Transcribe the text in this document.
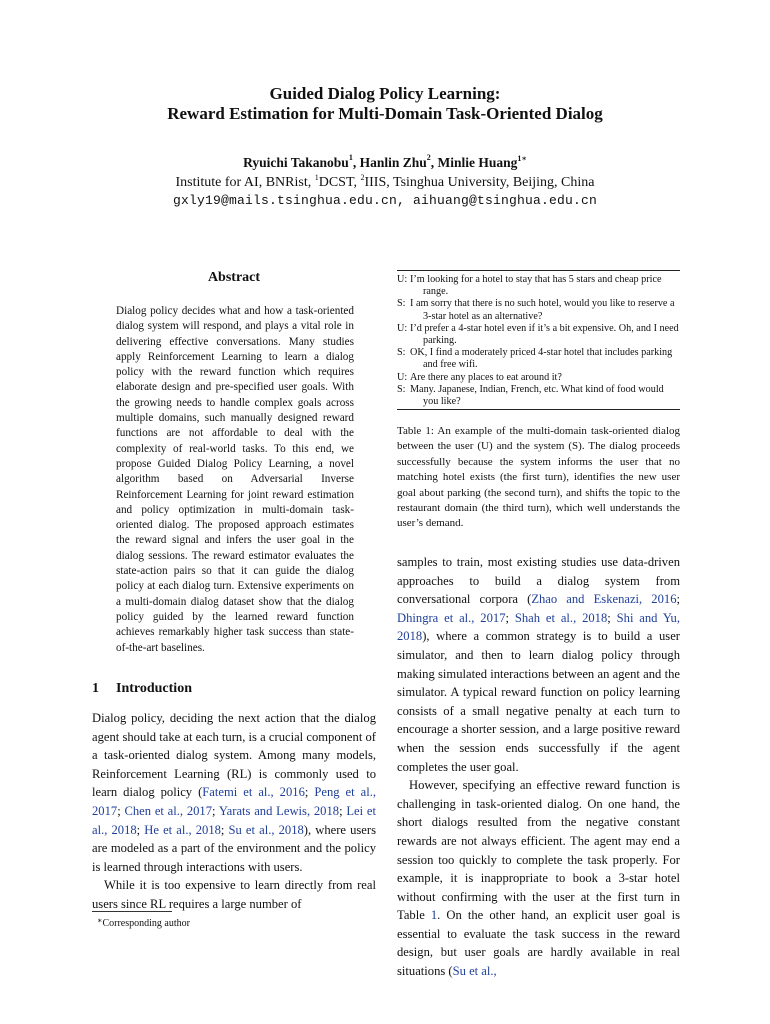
Guided Dialog Policy Learning:
Reward Estimation for Multi-Domain Task-Oriented Dialog
Ryuichi Takanobu$^1$, Hanlin Zhu$^2$, Minlie Huang$^{1∗}$
Institute for AI, BNRist, $^1$DCST, $^2$IIIS, Tsinghua University, Beijing, China
gxly19@mails.tsinghua.edu.cn, aihuang@tsinghua.edu.cn
Abstract
Dialog policy decides what and how a task-oriented dialog system will respond, and plays a vital role in delivering effective conversations. Many studies apply Reinforcement Learning to learn a dialog policy with the reward function which requires elaborate design and pre-specified user goals. With the growing needs to handle complex goals across multiple domains, such manually designed reward functions are not affordable to deal with the complexity of real-world tasks. To this end, we propose Guided Dialog Policy Learning, a novel algorithm based on Adversarial Inverse Reinforcement Learning for joint reward estimation and policy optimization in multi-domain task-oriented dialog. The proposed approach estimates the reward signal and infers the user goal in the dialog sessions. The reward estimator evaluates the state-action pairs so that it can guide the dialog policy at each dialog turn. Extensive experiments on a multi-domain dialog dataset show that the dialog policy guided by the learned reward function achieves remarkably higher task success than state-of-the-art baselines.
1 Introduction

Dialog policy, deciding the next action that the dialog agent should take at each turn, is a crucial component of a task-oriented dialog system. Among many models, Reinforcement Learning (RL) is commonly used to learn dialog policy (Fatemi et al., 2016; Peng et al., 2017; Chen et al., 2017; Yarats and Lewis, 2018; Lei et al., 2018; He et al., 2018; Su et al., 2018), where users are modeled as a part of the environment and the policy is learned through interactions with users.

While it is too expensive to learn directly from real users since RL requires a large number of

∗Corresponding author
U: I’m looking for a hotel to stay that has 5 stars and cheap price range.
S: I am sorry that there is no such hotel, would you like to reserve a 3-star hotel as an alternative?
U: I’d prefer a 4-star hotel even if it’s a bit expensive. Oh, and I need parking.
S: OK, I find a moderately priced 4-star hotel that includes parking and free wifi.
U: Are there any places to eat around it?
S: Many. Japanese, Indian, French, etc. What kind of food would you like?
Table 1: An example of the multi-domain task-oriented dialog between the user (U) and the system (S). The dialog proceeds successfully because the system informs the user that no matching hotel exists (the first turn), identifies the new user goal about parking (the second turn), and shifts the topic to the restaurant domain (the third turn), which well understands the user’s demand.

samples to train, most existing studies use data-driven approaches to build a dialog system from conversational corpora (Zhao and Eskenazi, 2016; Dhingra et al., 2017; Shah et al., 2018; Shi and Yu, 2018), where a common strategy is to build a user simulator, and then to learn dialog policy through making simulated interactions between an agent and the simulator. A typical reward function on policy learning consists of a small negative penalty at each turn to encourage a shorter session, and a large positive reward when the session ends successfully if the agent completes the user goal.

However, specifying an effective reward function is challenging in task-oriented dialog. On one hand, the short dialogs resulted from the negative constant rewards are not always efficient. The agent may end a session too quickly to complete the task properly. For example, it is inappropriate to book a 3-star hotel without confirming with the user at the first turn in Table 1. On the other hand, an explicit user goal is essential to evaluate the task success in the reward design, but user goals are hardly available in real situations (Su et al.,
